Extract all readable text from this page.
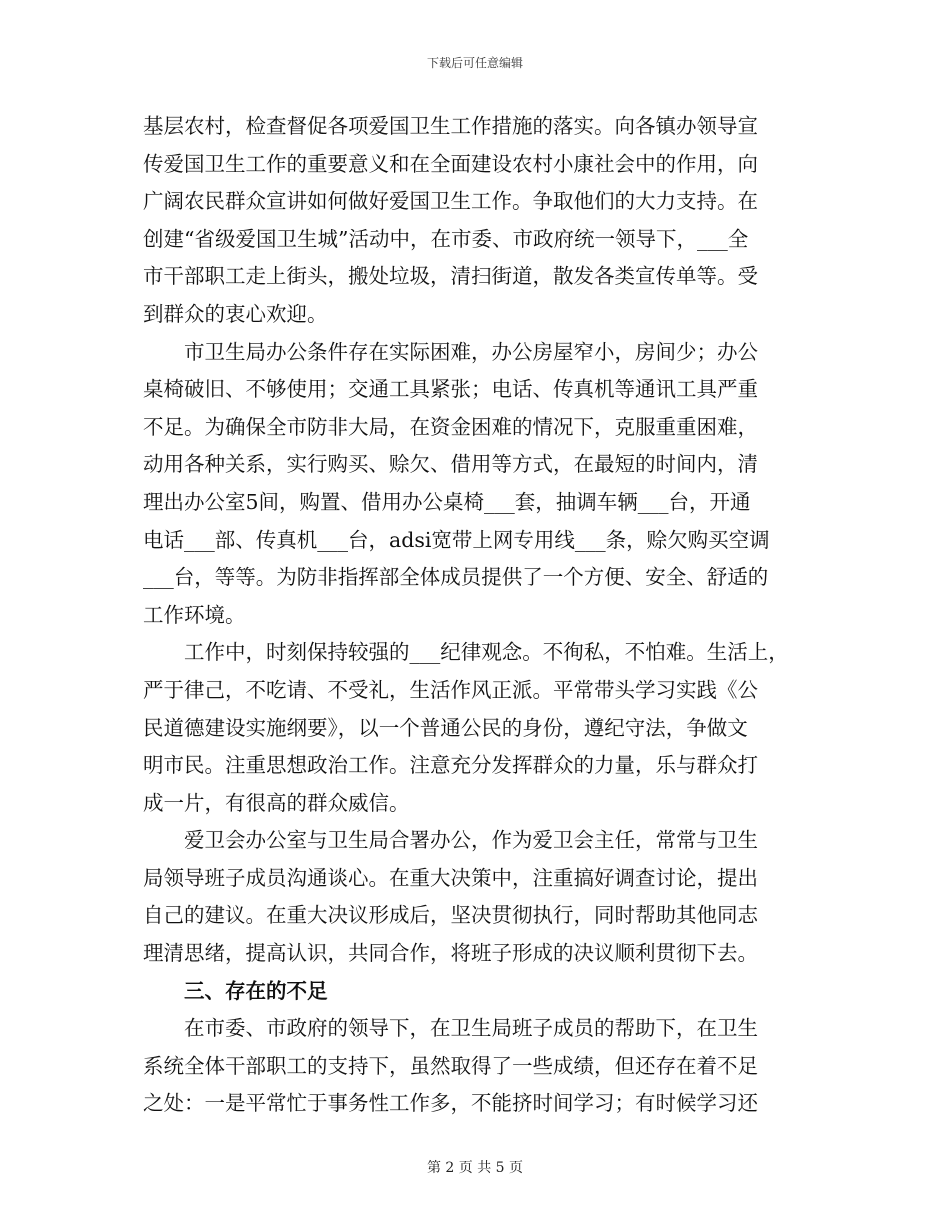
下载后可任意编辑
基层农村，检查督促各项爱国卫生工作措施的落实。向各镇办领导宣
传爱国卫生工作的重要意义和在全面建设农村小康社会中的作用，向
广阔农民群众宣讲如何做好爱国卫生工作。争取他们的大力支持。在
创建“省级爱国卫生城”活动中，在市委、市政府统一领导下，___全
市干部职工走上街头，搬处垃圾，清扫街道，散发各类宣传单等。受
到群众的衷心欢迎。
市卫生局办公条件存在实际困难，办公房屋窄小，房间少；办公
桌椅破旧、不够使用；交通工具紧张；电话、传真机等通讯工具严重
不足。为确保全市防非大局，在资金困难的情况下，克服重重困难，
动用各种关系，实行购买、赊欠、借用等方式，在最短的时间内，清
理出办公室5间，购置、借用办公桌椅___套，抽调车辆___台，开通
电话___部、传真机___台，adsi宽带上网专用线___条，赊欠购买空调
___台，等等。为防非指挥部全体成员提供了一个方便、安全、舒适的
工作环境。
工作中，时刻保持较强的___纪律观念。不徇私，不怕难。生活上，
严于律己，不吃请、不受礼，生活作风正派。平常带头学习实践《公
民道德建设实施纲要》，以一个普通公民的身份，遵纪守法，争做文
明市民。注重思想政治工作。注意充分发挥群众的力量，乐与群众打
成一片，有很高的群众威信。
爱卫会办公室与卫生局合署办公，作为爱卫会主任，常常与卫生
局领导班子成员沟通谈心。在重大决策中，注重搞好调查讨论，提出
自己的建议。在重大决议形成后，坚决贯彻执行，同时帮助其他同志
理清思绪，提高认识，共同合作，将班子形成的决议顺利贯彻下去。
三、存在的不足
在市委、市政府的领导下，在卫生局班子成员的帮助下，在卫生
系统全体干部职工的支持下，虽然取得了一些成绩，但还存在着不足
之处：一是平常忙于事务性工作多，不能挤时间学习；有时候学习还
第 2 页 共 5 页
